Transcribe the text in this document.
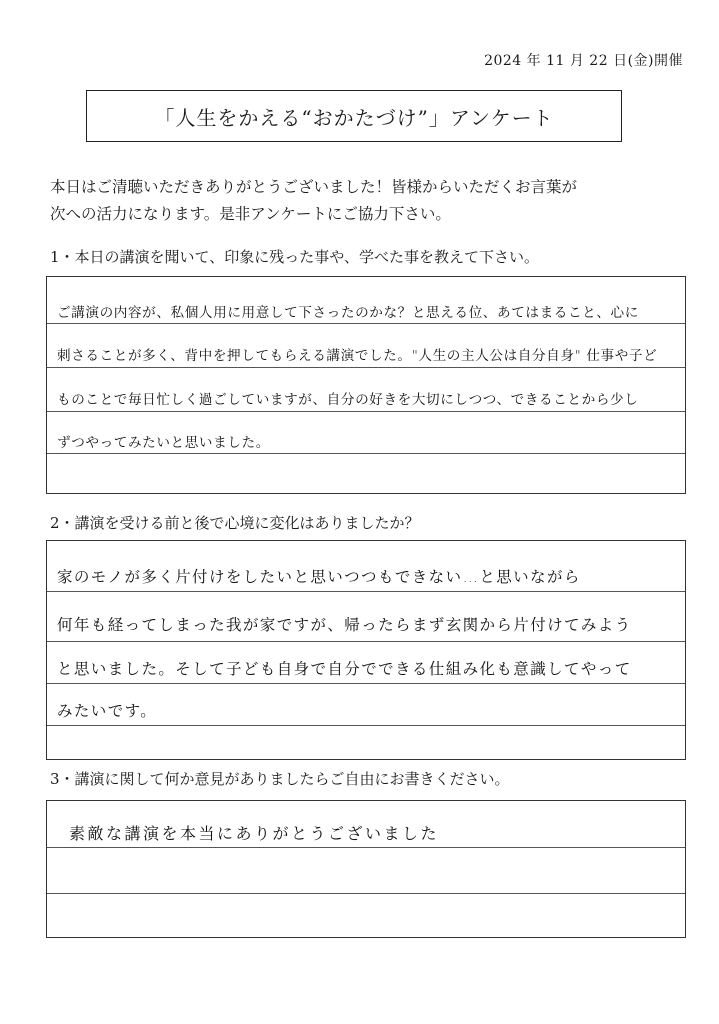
2024 年 11 月 22 日(金)開催
「人生をかえる“おかたづけ”」アンケート
本日はご清聴いただきありがとうございました！皆様からいただくお言葉が
次への活力になります。是非アンケートにご協力下さい。
1・本日の講演を聞いて、印象に残った事や、学べた事を教えて下さい。
ご講演の内容が、私個人用に用意して下さったのかな？と思える位、あてはまること、心に
刺さることが多く、背中を押してもらえる講演でした。"人生の主人公は自分自身" 仕事や子ど
ものことで毎日忙しく過ごしていますが、自分の好きを大切にしつつ、できることから少し
ずつやってみたいと思いました。
2・講演を受ける前と後で心境に変化はありましたか？
家のモノが多く片付けをしたいと思いつつもできない…と思いながら
何年も経ってしまった我が家ですが、帰ったらまず玄関から片付けてみよう
と思いました。そして子ども自身で自分でできる仕組み化も意識してやって
みたいです。
3・講演に関して何か意見がありましたらご自由にお書きください。
素敵な講演を本当にありがとうございました
